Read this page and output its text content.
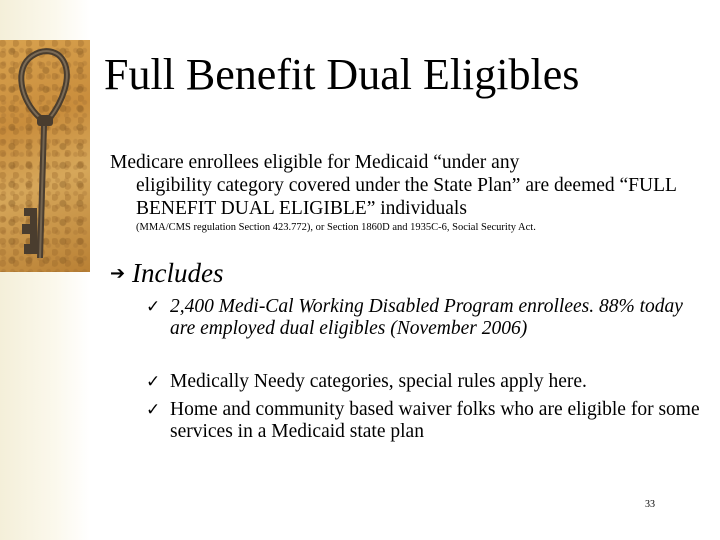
Full Benefit Dual Eligibles
Medicare enrollees eligible for Medicaid “under any
eligibility category covered under the State Plan” are deemed “FULL BENEFIT DUAL ELIGIBLE” individuals
(MMA/CMS regulation Section 423.772), or Section 1860D and 1935C-6, Social Security Act.
➔ Includes
✓ 2,400 Medi-Cal Working Disabled Program enrollees. 88% today are employed dual eligibles (November 2006)
✓ Medically Needy categories, special rules apply here.
✓ Home and community based waiver folks who are eligible for some services in a Medicaid state plan
33
